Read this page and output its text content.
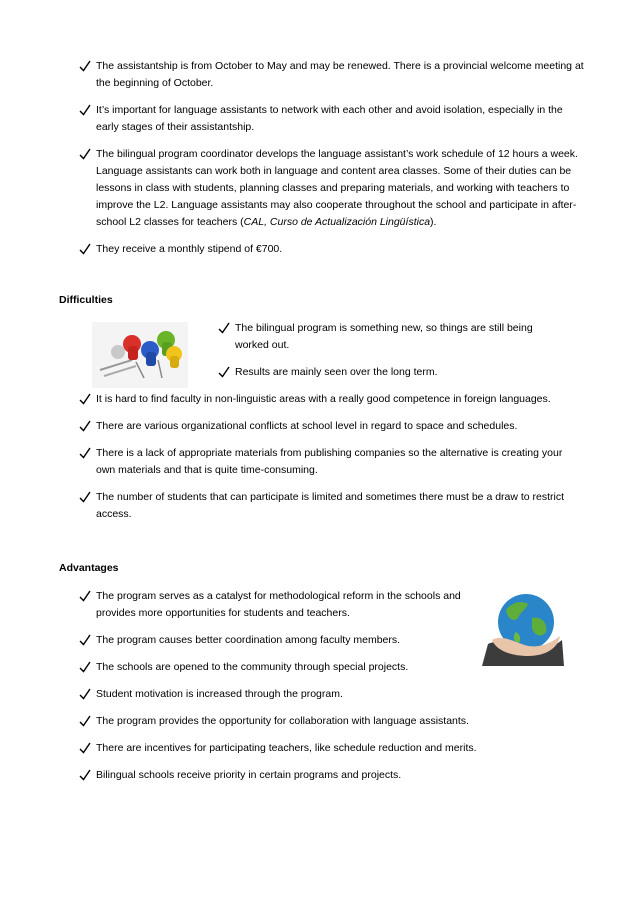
The assistantship is from October to May and may be renewed. There is a provincial welcome meeting at the beginning of October.
It’s important for language assistants to network with each other and avoid isolation, especially in the early stages of their assistantship.
The bilingual program coordinator develops the language assistant’s work schedule of 12 hours a week. Language assistants can work both in language and content area classes. Some of their duties can be lessons in class with students, planning classes and preparing materials, and working with teachers to improve the L2. Language assistants may also cooperate throughout the school and participate in after-school L2 classes for teachers (CAL, Curso de Actualización Lingüística).
They receive a monthly stipend of €700.
Difficulties
The bilingual program is something new, so things are still being worked out.
Results are mainly seen over the long term.
It is hard to find faculty in non-linguistic areas with a really good competence in foreign languages.
There are various organizational conflicts at school level in regard to space and schedules.
There is a lack of appropriate materials from publishing companies so the alternative is creating your own materials and that is quite time-consuming.
The number of students that can participate is limited and sometimes there must be a draw to restrict access.
Advantages
The program serves as a catalyst for methodological reform in the schools and provides more opportunities for students and teachers.
The program causes better coordination among faculty members.
The schools are opened to the community through special projects.
Student motivation is increased through the program.
The program provides the opportunity for collaboration with language assistants.
There are incentives for participating teachers, like schedule reduction and merits.
Bilingual schools receive priority in certain programs and projects.
